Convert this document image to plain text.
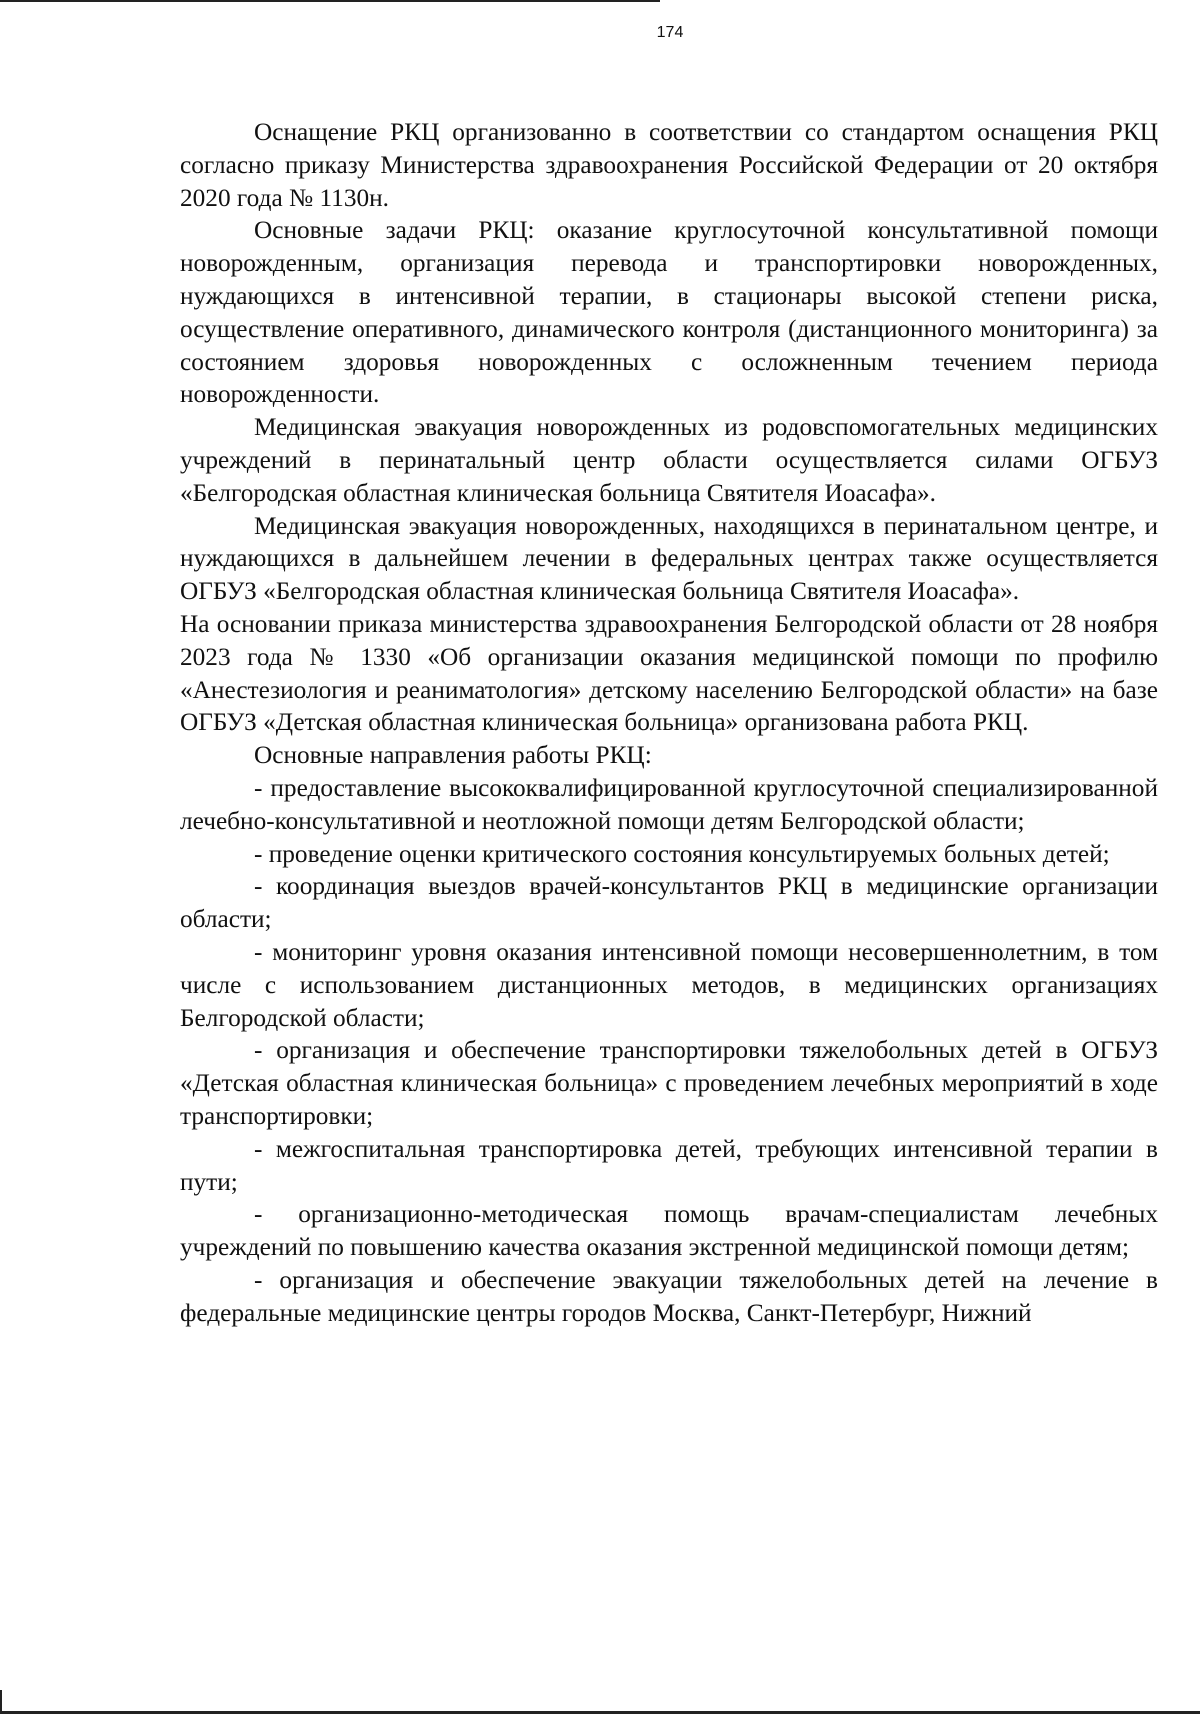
174

Оснащение РКЦ организованно в соответствии со стандартом оснащения РКЦ согласно приказу Министерства здравоохранения Российской Федерации от 20 октября 2020 года № 1130н.

Основные задачи РКЦ: оказание круглосуточной консультативной помощи новорожденным, организация перевода и транспортировки новорожденных, нуждающихся в интенсивной терапии, в стационары высокой степени риска, осуществление оперативного, динамического контроля (дистанционного мониторинга) за состоянием здоровья новорожденных с осложненным течением периода новорожденности.

Медицинская эвакуация новорожденных из родовспомогательных медицинских учреждений в перинатальный центр области осуществляется силами ОГБУЗ «Белгородская областная клиническая больница Святителя Иоасафа».

Медицинская эвакуация новорожденных, находящихся в перинатальном центре, и нуждающихся в дальнейшем лечении в федеральных центрах также осуществляется ОГБУЗ «Белгородская областная клиническая больница Святителя Иоасафа».

На основании приказа министерства здравоохранения Белгородской области от 28 ноября 2023 года № 1330 «Об организации оказания медицинской помощи по профилю «Анестезиология и реаниматология» детскому населению Белгородской области» на базе ОГБУЗ «Детская областная клиническая больница» организована работа РКЦ.

Основные направления работы РКЦ:

- предоставление высококвалифицированной круглосуточной специализированной лечебно-консультативной и неотложной помощи детям Белгородской области;

- проведение оценки критического состояния консультируемых больных детей;

- координация выездов врачей-консультантов РКЦ в медицинские организации области;

- мониторинг уровня оказания интенсивной помощи несовершеннолетним, в том числе с использованием дистанционных методов, в медицинских организациях Белгородской области;

- организация и обеспечение транспортировки тяжелобольных детей в ОГБУЗ «Детская областная клиническая больница» с проведением лечебных мероприятий в ходе транспортировки;

- межгоспитальная транспортировка детей, требующих интенсивной терапии в пути;

- организационно-методическая помощь врачам-специалистам лечебных учреждений по повышению качества оказания экстренной медицинской помощи детям;

- организация и обеспечение эвакуации тяжелобольных детей на лечение в федеральные медицинские центры городов Москва, Санкт-Петербург, Нижний
